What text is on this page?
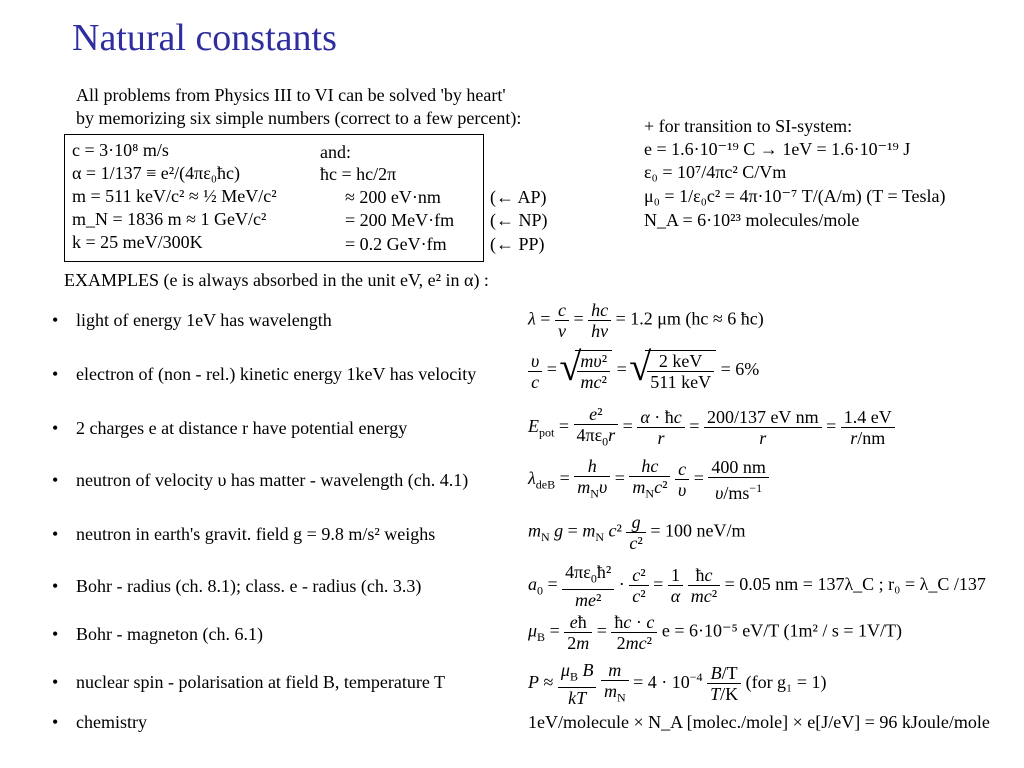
Natural constants
All problems from Physics III to VI can be solved 'by heart'
by memorizing six simple numbers (correct to a few percent):
c = 3·10⁸ m/s
α = 1/137 ≡ e²/(4πε₀ħc)
m = 511 keV/c² ≈ ½ MeV/c²
m_N = 1836 m ≈ 1 GeV/c²
k = 25 meV/300K
and:
ħc = hc/2π
≈ 200 eV·nm
= 200 MeV·fm
= 0.2 GeV·fm
(← AP)
(← NP)
(← PP)
+ for transition to SI-system:
e = 1.6·10⁻¹⁹ C → 1eV = 1.6·10⁻¹⁹ J
ε₀ = 10⁷/4πc² C/Vm
μ₀ = 1/ε₀c² = 4π·10⁻⁷ T/(A/m) (T = Tesla)
N_A = 6·10²³ molecules/mole
EXAMPLES (e is always absorbed in the unit eV, e² in α) :
• light of energy 1eV has wavelength
• electron of (non - rel.) kinetic energy 1keV has velocity
• 2 charges e at distance r have potential energy
• neutron of velocity υ has matter - wavelength (ch. 4.1)
• neutron in earth's gravit. field g = 9.8 m/s² weighs
• Bohr - radius (ch. 8.1); class. e - radius (ch. 3.3)
• Bohr - magneton (ch. 6.1)
• nuclear spin - polarisation at field B, temperature T
• chemistry
$\lambda = \frac{c}{\nu} = \frac{hc}{h\nu} = 1.2$ μm (hc ≈ 6 ħc)
$\frac{\upsilon}{c}$ = √ $\frac{\text{mυ²}}{\text{mc²}}$ = √ $\frac{\text{2 keV}}{\text{511 keV}} = 6\%$
$E_{pot} = \frac{\text{e²}}{4\pi\varepsilon_0r} = \frac{\alpha \cdot ħc}{r} = \frac{\text{200/137 eV nm}}{r} = \frac{1.4 eV}{r/nm}$
$\lambda_{deB} = \frac{h}{m_N\upsilon} = \frac{hc}{m_Nc^2}$
$\frac{c}{\upsilon} = \frac{400 nm}{\upsilon/ms^{-1}}$
$m_N$ $g = m_N$ $c^2 \frac{g}{\text{c²}} = 100$ neV/m
$a_0 = \frac{4\pi\varepsilon_0ħ^2}{\text{me²}} \cdot \frac{\text{c²}}{\text{c²}} = \frac{1}{\alpha}$
$\frac{ħc}{\text{mc²}} = 0.05$ nm = 137λ_C ; r₀ = λ_C /137
$\mu_B = \frac{eħ}{2m} = \frac{ħc \cdot c}{\text{2mc²}}$ e = 6·10⁻⁵ eV/T (1m² / s = 1V/T)
$P \approx \frac{\mu_B B}{kT}$
$\frac{m}{m_N} = 4 \cdot 10^{-4} \frac{B/T}{T/K} (for$ g₁ = 1)
1eV/molecule × N_A [molec./mole] × e[J/eV] = 96 kJoule/mole
